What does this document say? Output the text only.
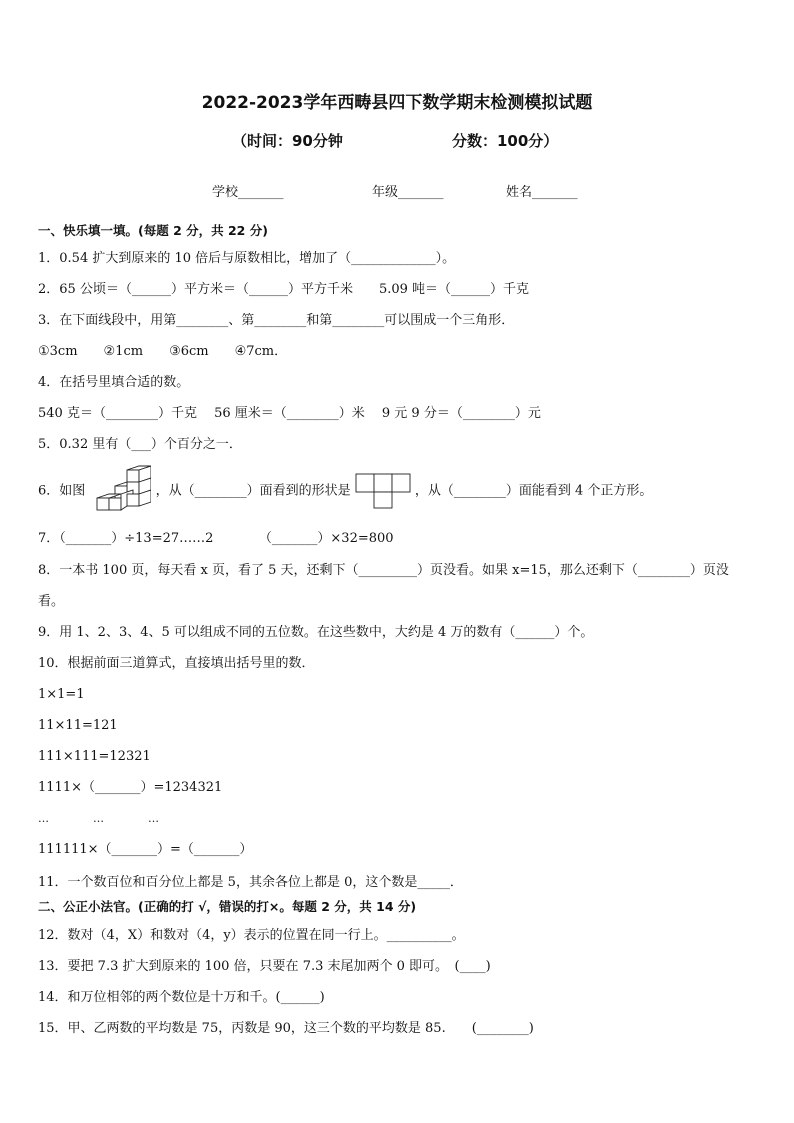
2022-2023学年西畴县四下数学期末检测模拟试题
（时间：90分钟	分数：100分）
学校_______	年级_______	姓名_______
一、快乐填一填。(每题 2 分，共 22 分)
1．0.54 扩大到原来的 10 倍后与原数相比，增加了（_____________）。
2．65 公顷＝（______）平方米＝（______）平方千米　　5.09 吨＝（______）千克
3．在下面线段中，用第________、第________和第________可以围成一个三角形．
①3cm　　②1cm　　③6cm　　④7cm．
4．在括号里填合适的数。
540 克＝（________）千克　 56 厘米＝（________）米　 9 元 9 分＝（________）元
5．0.32 里有（___）个百分之一．
6．如图	，从（________）面看到的形状是	，从（________）面能看到 4 个正方形。
7．（_______）÷13=27……2　　　　（_______）×32=800
8．一本书 100 页，每天看 x 页，看了 5 天，还剩下（_________）页没看。如果 x=15，那么还剩下（________）页没
看。
9．用 1、2、3、4、5 可以组成不同的五位数。在这些数中，大约是 4 万的数有（______）个。
10．根据前面三道算式，直接填出括号里的数．
1×1=1
11×11=121
111×111=12321
1111×（_______）=1234321
…　　　　…　　　　…
111111×（_______）=（_______）
11．一个数百位和百分位上都是 5，其余各位上都是 0，这个数是_____．
二、公正小法官。(正确的打 √，错误的打×。每题 2 分，共 14 分)
12．数对（4，X）和数对（4，y）表示的位置在同一行上。__________。
13．要把 7.3 扩大到原来的 100 倍，只要在 7.3 末尾加两个 0 即可。　(____)
14．和万位相邻的两个数位是十万和千。(______)
15．甲、乙两数的平均数是 75，丙数是 90，这三个数的平均数是 85.　　(________)
